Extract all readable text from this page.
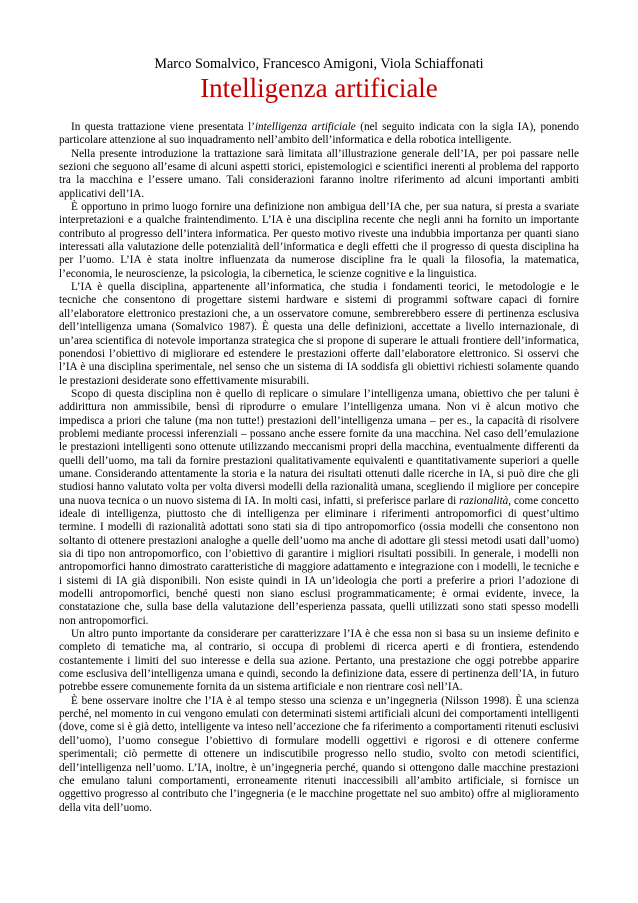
Marco Somalvico, Francesco Amigoni, Viola Schiaffonati

Intelligenza artificiale

In questa trattazione viene presentata l’intelligenza artificiale (nel seguito indicata con la sigla IA), ponendo particolare attenzione al suo inquadramento nell’ambito dell’informatica e della robotica intelligente.

Nella presente introduzione la trattazione sarà limitata all’illustrazione generale dell’IA, per poi passare nelle sezioni che seguono all’esame di alcuni aspetti storici, epistemologici e scientifici inerenti al problema del rapporto tra la macchina e l’essere umano. Tali considerazioni faranno inoltre riferimento ad alcuni importanti ambiti applicativi dell’IA.

È opportuno in primo luogo fornire una definizione non ambigua dell’IA che, per sua natura, si presta a svariate interpretazioni e a qualche fraintendimento. L’IA è una disciplina recente che negli anni ha fornito un importante contributo al progresso dell’intera informatica. Per questo motivo riveste una indubbia importanza per quanti siano interessati alla valutazione delle potenzialità dell’informatica e degli effetti che il progresso di questa disciplina ha per l’uomo. L’IA è stata inoltre influenzata da numerose discipline fra le quali la filosofia, la matematica, l’economia, le neuroscienze, la psicologia, la cibernetica, le scienze cognitive e la linguistica.

L’IA è quella disciplina, appartenente all’informatica, che studia i fondamenti teorici, le metodologie e le tecniche che consentono di progettare sistemi hardware e sistemi di programmi software capaci di fornire all’elaboratore elettronico prestazioni che, a un osservatore comune, sembrerebbero essere di pertinenza esclusiva dell’intelligenza umana (Somalvico 1987). È questa una delle definizioni, accettate a livello internazionale, di un’area scientifica di notevole importanza strategica che si propone di superare le attuali frontiere dell’informatica, ponendosi l’obiettivo di migliorare ed estendere le prestazioni offerte dall’elaboratore elettronico. Si osservi che l’IA è una disciplina sperimentale, nel senso che un sistema di IA soddisfa gli obiettivi richiesti solamente quando le prestazioni desiderate sono effettivamente misurabili.

Scopo di questa disciplina non è quello di replicare o simulare l’intelligenza umana, obiettivo che per taluni è addirittura non ammissibile, bensì di riprodurre o emulare l’intelligenza umana. Non vi è alcun motivo che impedisca a priori che talune (ma non tutte!) prestazioni dell’intelligenza umana – per es., la capacità di risolvere problemi mediante processi inferenziali – possano anche essere fornite da una macchina. Nel caso dell’emulazione le prestazioni intelligenti sono ottenute utilizzando meccanismi propri della macchina, eventualmente differenti da quelli dell’uomo, ma tali da fornire prestazioni qualitativamente equivalenti e quantitativamente superiori a quelle umane. Considerando attentamente la storia e la natura dei risultati ottenuti dalle ricerche in IA, si può dire che gli studiosi hanno valutato volta per volta diversi modelli della razionalità umana, scegliendo il migliore per concepire una nuova tecnica o un nuovo sistema di IA. In molti casi, infatti, si preferisce parlare di razionalità, come concetto ideale di intelligenza, piuttosto che di intelligenza per eliminare i riferimenti antropomorfici di quest’ultimo termine. I modelli di razionalità adottati sono stati sia di tipo antropomorfico (ossia modelli che consentono non soltanto di ottenere prestazioni analoghe a quelle dell’uomo ma anche di adottare gli stessi metodi usati dall’uomo) sia di tipo non antropomorfico, con l’obiettivo di garantire i migliori risultati possibili. In generale, i modelli non antropomorfici hanno dimostrato caratteristiche di maggiore adattamento e integrazione con i modelli, le tecniche e i sistemi di IA già disponibili. Non esiste quindi in IA un’ideologia che porti a preferire a priori l’adozione di modelli antropomorfici, benché questi non siano esclusi programmaticamente; è ormai evidente, invece, la constatazione che, sulla base della valutazione dell’esperienza passata, quelli utilizzati sono stati spesso modelli non antropomorfici.

Un altro punto importante da considerare per caratterizzare l’IA è che essa non si basa su un insieme definito e completo di tematiche ma, al contrario, si occupa di problemi di ricerca aperti e di frontiera, estendendo costantemente i limiti del suo interesse e della sua azione. Pertanto, una prestazione che oggi potrebbe apparire come esclusiva dell’intelligenza umana e quindi, secondo la definizione data, essere di pertinenza dell’IA, in futuro potrebbe essere comunemente fornita da un sistema artificiale e non rientrare così nell’IA.

È bene osservare inoltre che l’IA è al tempo stesso una scienza e un’ingegneria (Nilsson 1998). È una scienza perché, nel momento in cui vengono emulati con determinati sistemi artificiali alcuni dei comportamenti intelligenti (dove, come si è già detto, intelligente va inteso nell’accezione che fa riferimento a comportamenti ritenuti esclusivi dell’uomo), l’uomo consegue l’obiettivo di formulare modelli oggettivi e rigorosi e di ottenere conferme sperimentali; ciò permette di ottenere un indiscutibile progresso nello studio, svolto con metodi scientifici, dell’intelligenza nell’uomo. L’IA, inoltre, è un’ingegneria perché, quando si ottengono dalle macchine prestazioni che emulano taluni comportamenti, erroneamente ritenuti inaccessibili all’ambito artificiale, si fornisce un oggettivo progresso al contributo che l’ingegneria (e le macchine progettate nel suo ambito) offre al miglioramento della vita dell’uomo.
